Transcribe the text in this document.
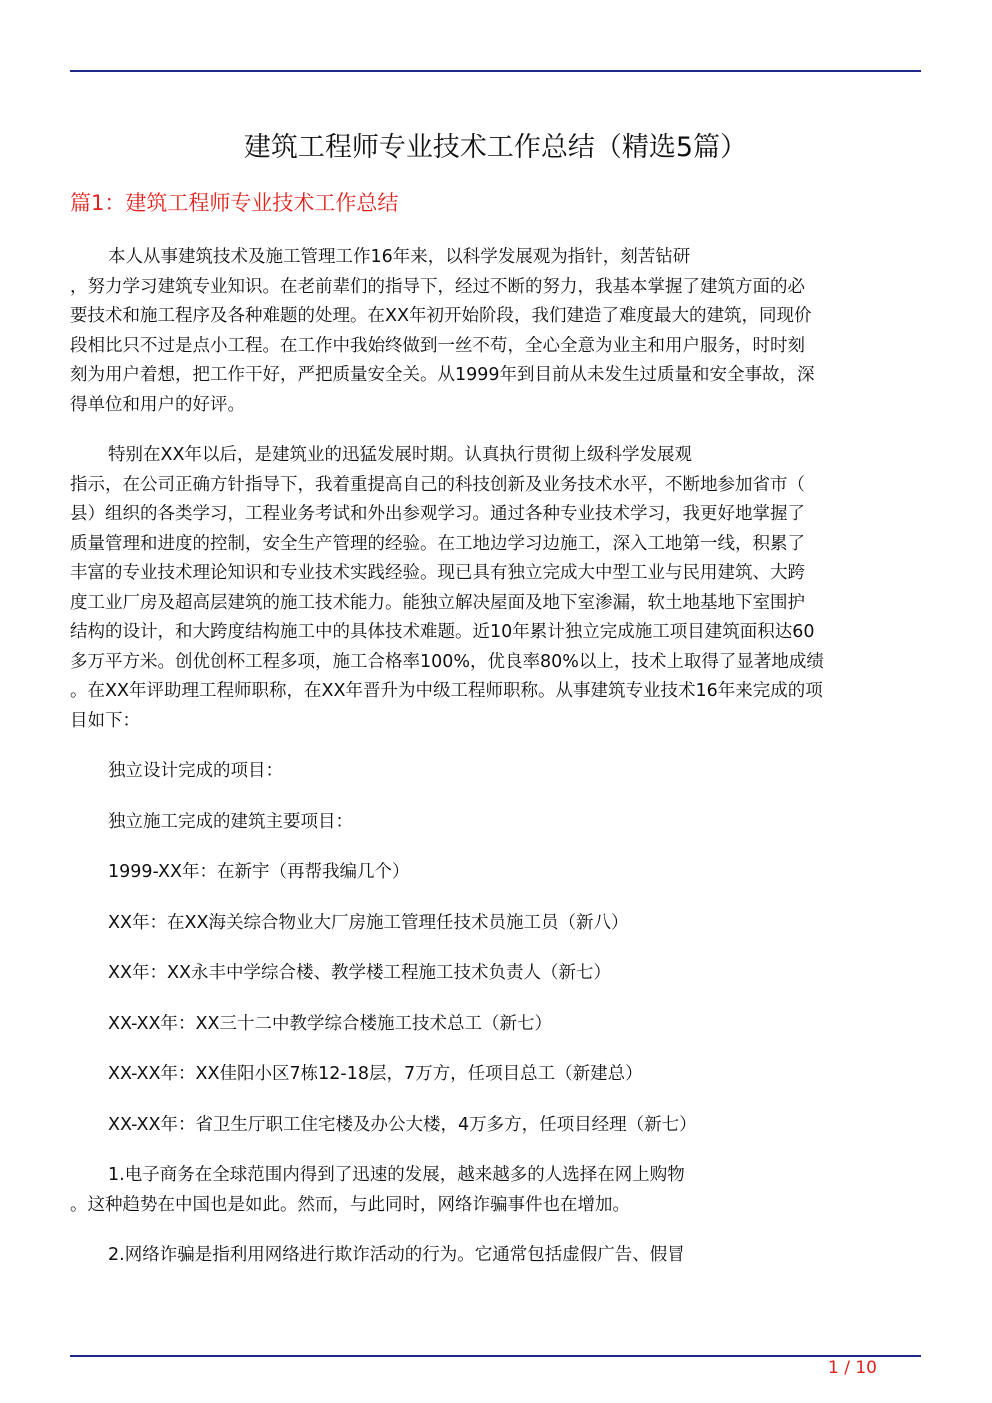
建筑工程师专业技术工作总结（精选5篇）
篇1：建筑工程师专业技术工作总结

本人从事建筑技术及施工管理工作16年来，以科学发展观为指针，刻苦钻研
，努力学习建筑专业知识。在老前辈们的指导下，经过不断的努力，我基本掌握了建筑方面的必
要技术和施工程序及各种难题的处理。在XX年初开始阶段，我们建造了难度最大的建筑，同现价
段相比只不过是点小工程。在工作中我始终做到一丝不苟，全心全意为业主和用户服务，时时刻
刻为用户着想，把工作干好，严把质量安全关。从1999年到目前从未发生过质量和安全事故，深
得单位和用户的好评。

特别在XX年以后，是建筑业的迅猛发展时期。认真执行贯彻上级科学发展观
指示，在公司正确方针指导下，我着重提高自己的科技创新及业务技术水平，不断地参加省市（
县）组织的各类学习，工程业务考试和外出参观学习。通过各种专业技术学习，我更好地掌握了
质量管理和进度的控制，安全生产管理的经验。在工地边学习边施工，深入工地第一线，积累了
丰富的专业技术理论知识和专业技术实践经验。现已具有独立完成大中型工业与民用建筑、大跨
度工业厂房及超高层建筑的施工技术能力。能独立解决屋面及地下室渗漏，软土地基地下室围护
结构的设计，和大跨度结构施工中的具体技术难题。近10年累计独立完成施工项目建筑面积达60
多万平方米。创优创杯工程多项，施工合格率100%，优良率80%以上，技术上取得了显著地成绩
。在XX年评助理工程师职称，在XX年晋升为中级工程师职称。从事建筑专业技术16年来完成的项
目如下：

独立设计完成的项目：

独立施工完成的建筑主要项目：

1999-XX年：在新宇（再帮我编几个）

XX年：在XX海关综合物业大厂房施工管理任技术员施工员（新八）

XX年：XX永丰中学综合楼、教学楼工程施工技术负责人（新七）

XX-XX年：XX三十二中教学综合楼施工技术总工（新七）

XX-XX年：XX佳阳小区7栋12-18层，7万方，任项目总工（新建总）

XX-XX年：省卫生厅职工住宅楼及办公大楼，4万多方，任项目经理（新七）

1.电子商务在全球范围内得到了迅速的发展，越来越多的人选择在网上购物
。这种趋势在中国也是如此。然而，与此同时，网络诈骗事件也在增加。

2.网络诈骗是指利用网络进行欺诈活动的行为。它通常包括虚假广告、假冒

1 / 10
